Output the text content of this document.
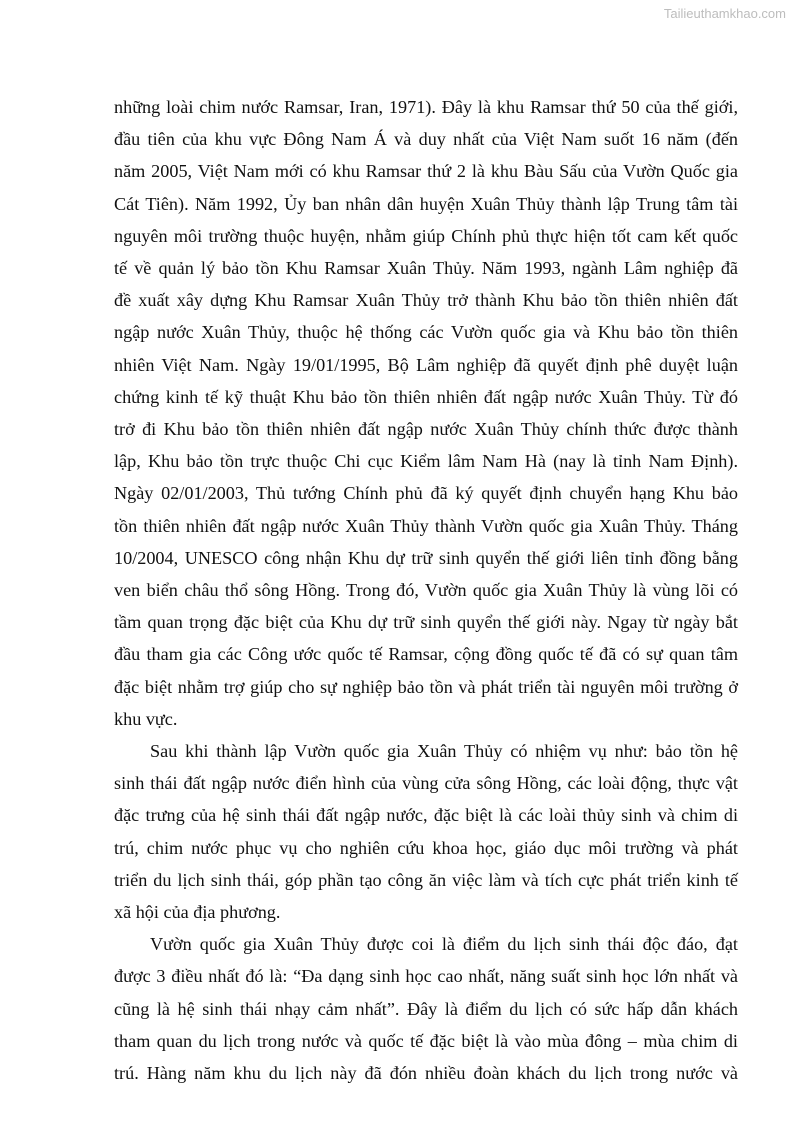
Tailieuthamkhao.com

những loài chim nước Ramsar, Iran, 1971). Đây là khu Ramsar thứ 50 của thế giới,
đầu tiên của khu vực Đông Nam Á và duy nhất của Việt Nam suốt 16 năm (đến
năm 2005, Việt Nam mới có khu Ramsar thứ 2 là khu Bàu Sấu của Vườn Quốc gia
Cát Tiên). Năm 1992, Ủy ban nhân dân huyện Xuân Thủy thành lập Trung tâm tài
nguyên môi trường thuộc huyện, nhằm giúp Chính phủ thực hiện tốt cam kết quốc
tế về quản lý bảo tồn Khu Ramsar Xuân Thủy. Năm 1993, ngành Lâm nghiệp đã
đề xuất xây dựng Khu Ramsar Xuân Thủy trở thành Khu bảo tồn thiên nhiên đất
ngập nước Xuân Thủy, thuộc hệ thống các Vườn quốc gia và Khu bảo tồn thiên
nhiên Việt Nam. Ngày 19/01/1995, Bộ Lâm nghiệp đã quyết định phê duyệt luận
chứng kinh tế kỹ thuật Khu bảo tồn thiên nhiên đất ngập nước Xuân Thủy. Từ đó
trở đi Khu bảo tồn thiên nhiên đất ngập nước Xuân Thủy chính thức được thành
lập, Khu bảo tồn trực thuộc Chi cục Kiểm lâm Nam Hà (nay là tỉnh Nam Định).
Ngày 02/01/2003, Thủ tướng Chính phủ đã ký quyết định chuyển hạng Khu bảo
tồn thiên nhiên đất ngập nước Xuân Thủy thành Vườn quốc gia Xuân Thủy. Tháng
10/2004, UNESCO công nhận Khu dự trữ sinh quyển thế giới liên tỉnh đồng bằng
ven biển châu thổ sông Hồng. Trong đó, Vườn quốc gia Xuân Thủy là vùng lõi có
tầm quan trọng đặc biệt của Khu dự trữ sinh quyển thế giới này. Ngay từ ngày bắt
đầu tham gia các Công ước quốc tế Ramsar, cộng đồng quốc tế đã có sự quan tâm
đặc biệt nhằm trợ giúp cho sự nghiệp bảo tồn và phát triển tài nguyên môi trường ở
khu vực.

Sau khi thành lập Vườn quốc gia Xuân Thủy có nhiệm vụ như: bảo tồn hệ
sinh thái đất ngập nước điển hình của vùng cửa sông Hồng, các loài động, thực vật
đặc trưng của hệ sinh thái đất ngập nước, đặc biệt là các loài thủy sinh và chim di
trú, chim nước phục vụ cho nghiên cứu khoa học, giáo dục môi trường và phát
triển du lịch sinh thái, góp phần tạo công ăn việc làm và tích cực phát triển kinh tế
xã hội của địa phương.

Vườn quốc gia Xuân Thủy được coi là điểm du lịch sinh thái độc đáo, đạt
được 3 điều nhất đó là: “Đa dạng sinh học cao nhất, năng suất sinh học lớn nhất và
cũng là hệ sinh thái nhạy cảm nhất”. Đây là điểm du lịch có sức hấp dẫn khách
tham quan du lịch trong nước và quốc tế đặc biệt là vào mùa đông – mùa chim di
trú. Hàng năm khu du lịch này đã đón nhiều đoàn khách du lịch trong nước và
